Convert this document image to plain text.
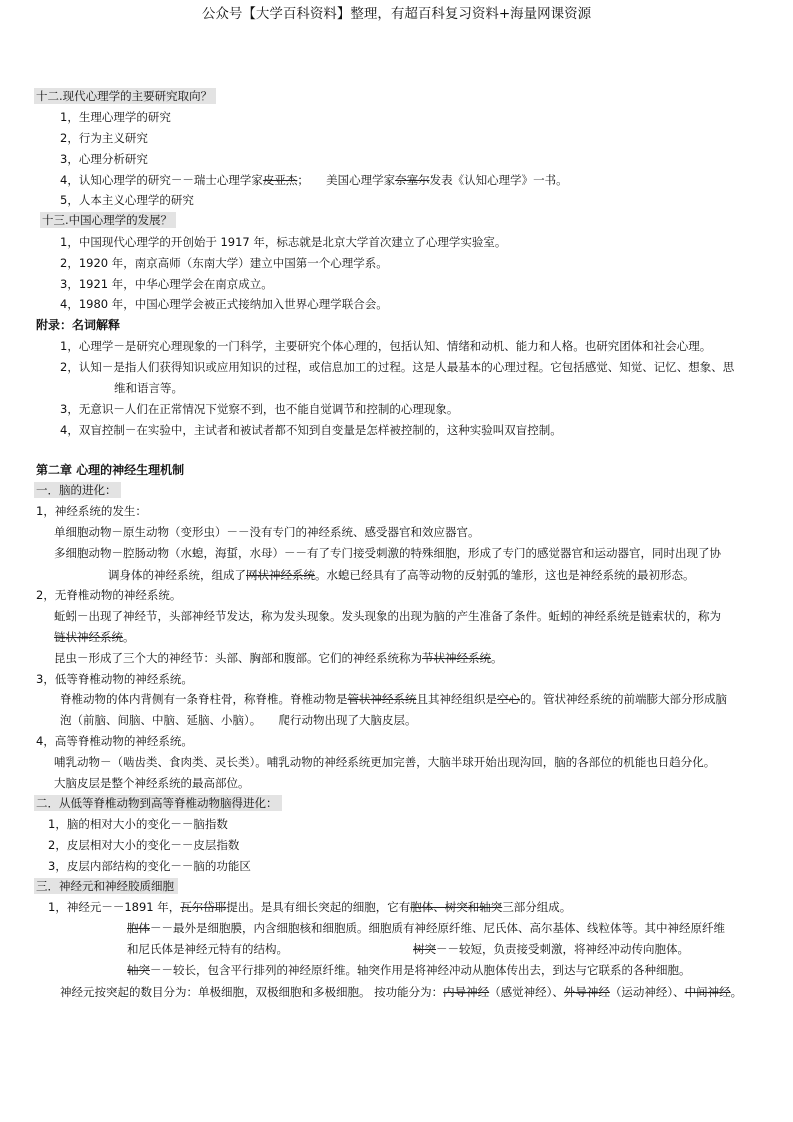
公众号【大学百科资料】整理，有超百科复习资料+海量网课资源
十二.现代心理学的主要研究取向？
1，生理心理学的研究
2，行为主义研究
3，心理分析研究
4，认知心理学的研究－－瑞士心理学家皮亚杰；　　美国心理学家奈塞尔发表《认知心理学》一书。
5，人本主义心理学的研究
十三.中国心理学的发展？
1，中国现代心理学的开创始于 1917 年，标志就是北京大学首次建立了心理学实验室。
2，1920 年，南京高师（东南大学）建立中国第一个心理学系。
3，1921 年，中华心理学会在南京成立。
4，1980 年，中国心理学会被正式接纳加入世界心理学联合会。
附录：名词解释
1，心理学－是研究心理现象的一门科学，主要研究个体心理的，包括认知、情绪和动机、能力和人格。也研究团体和社会心理。
2，认知－是指人们获得知识或应用知识的过程，或信息加工的过程。这是人最基本的心理过程。它包括感觉、知觉、记忆、想象、思
维和语言等。
3，无意识－人们在正常情况下觉察不到，也不能自觉调节和控制的心理现象。
4，双盲控制－在实验中，主试者和被试者都不知到自变量是怎样被控制的，这种实验叫双盲控制。
第二章 心理的神经生理机制
一．脑的进化：
1，神经系统的发生：
单细胞动物－原生动物（变形虫）－－没有专门的神经系统、感受器官和效应器官。
多细胞动物－腔肠动物（水螅，海蜇，水母）－－有了专门接受刺激的特殊细胞，形成了专门的感觉器官和运动器官，同时出现了协
调身体的神经系统，组成了网状神经系统。水螅已经具有了高等动物的反射弧的雏形，这也是神经系统的最初形态。
2，无脊椎动物的神经系统。
蚯蚓－出现了神经节，头部神经节发达，称为发头现象。发头现象的出现为脑的产生准备了条件。蚯蚓的神经系统是链索状的，称为
链状神经系统。
昆虫－形成了三个大的神经节：头部、胸部和腹部。它们的神经系统称为节状神经系统。
3，低等脊椎动物的神经系统。
脊椎动物的体内背侧有一条脊柱骨，称脊椎。脊椎动物是管状神经系统且其神经组织是空心的。管状神经系统的前端膨大部分形成脑
泡（前脑、间脑、中脑、延脑、小脑）。　　爬行动物出现了大脑皮层。
4，高等脊椎动物的神经系统。
哺乳动物－（啮齿类、食肉类、灵长类）。哺乳动物的神经系统更加完善，大脑半球开始出现沟回，脑的各部位的机能也日趋分化。
大脑皮层是整个神经系统的最高部位。
二．从低等脊椎动物到高等脊椎动物脑得进化：
1，脑的相对大小的变化－－脑指数
2，皮层相对大小的变化－－皮层指数
3，皮层内部结构的变化－－脑的功能区
三．神经元和神经胶质细胞
1，神经元－－1891 年，瓦尔岱耶提出。是具有细长突起的细胞，它有胞体、树突和轴突三部分组成。
胞体－－最外是细胞膜，内含细胞核和细胞质。细胞质有神经原纤维、尼氏体、高尔基体、线粒体等。其中神经原纤维
和尼氏体是神经元特有的结构。	树突－－较短，负责接受刺激，将神经冲动传向胞体。
轴突－－较长，包含平行排列的神经原纤维。轴突作用是将神经冲动从胞体传出去，到达与它联系的各种细胞。
神经元按突起的数目分为：单极细胞，双极细胞和多极细胞。 按功能分为：内导神经（感觉神经）、外导神经（运动神经）、中间神经。
